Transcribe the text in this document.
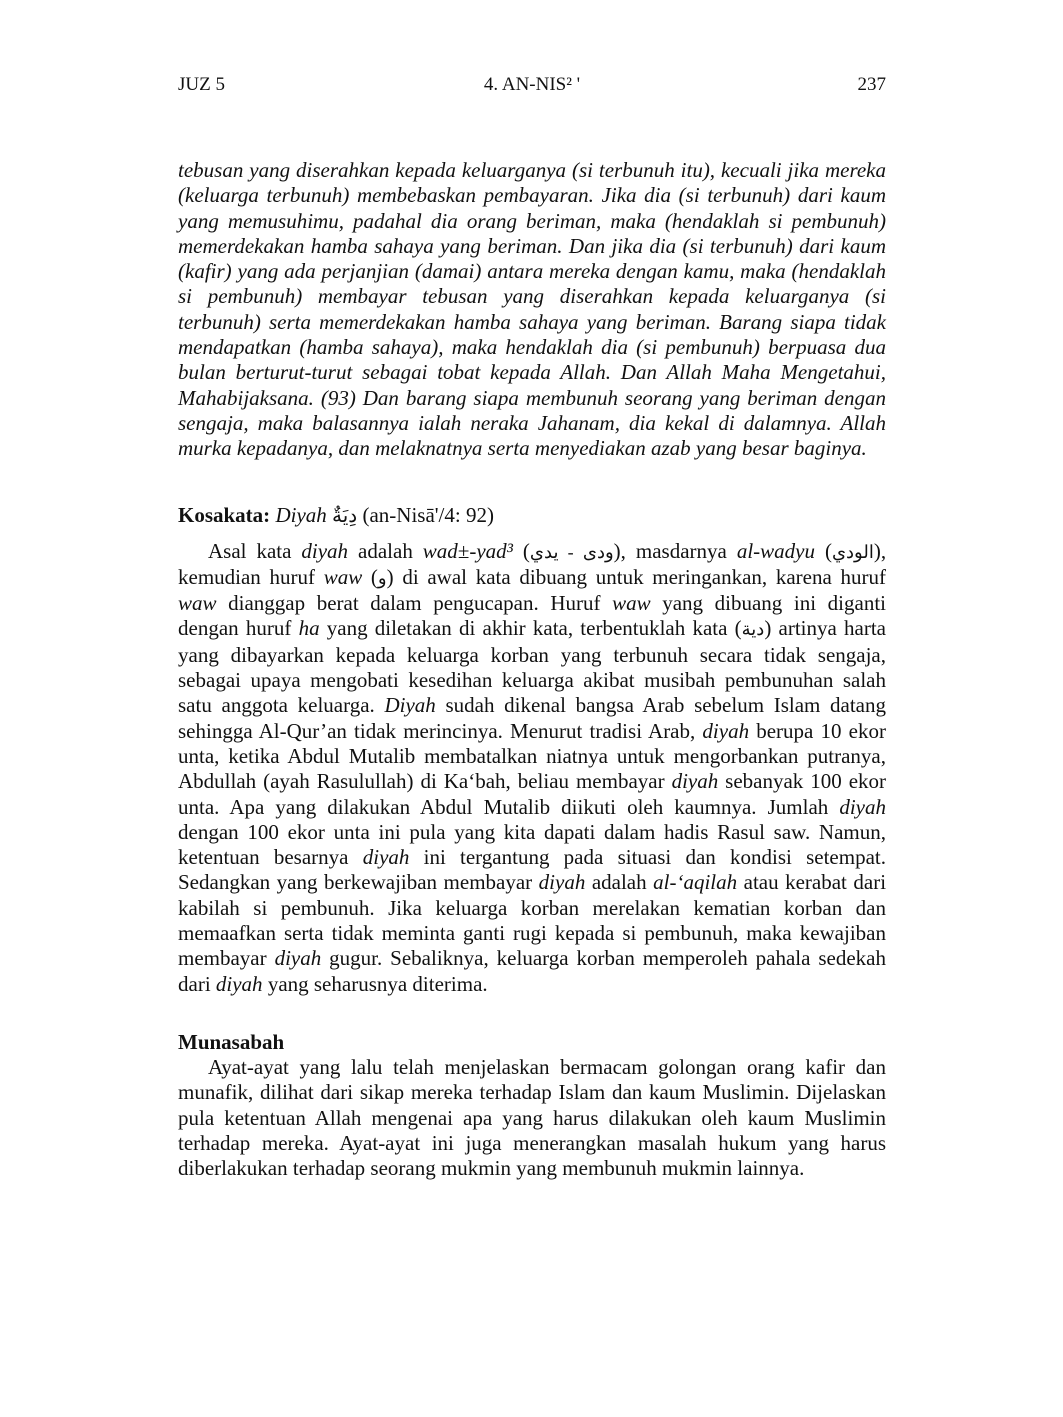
JUZ 5	4. AN-NIS² '	237

tebusan yang diserahkan kepada keluarganya (si terbunuh itu), kecuali jika mereka (keluarga terbunuh) membebaskan pembayaran. Jika dia (si terbunuh) dari kaum yang memusuhimu, padahal dia orang beriman, maka (hendaklah si pembunuh) memerdekakan hamba sahaya yang beriman. Dan jika dia (si terbunuh) dari kaum (kafir) yang ada perjanjian (damai) antara mereka dengan kamu, maka (hendaklah si pembunuh) membayar tebusan yang diserahkan kepada keluarganya (si terbunuh) serta memerdekakan hamba sahaya yang beriman. Barang siapa tidak mendapatkan (hamba sahaya), maka hendaklah dia (si pembunuh) berpuasa dua bulan berturut-turut sebagai tobat kepada Allah. Dan Allah Maha Mengetahui, Mahabijaksana. (93) Dan barang siapa membunuh seorang yang beriman dengan sengaja, maka balasannya ialah neraka Jahanam, dia kekal di dalamnya. Allah murka kepadanya, dan melaknatnya serta menyediakan azab yang besar baginya.

Kosakata: Diyah دِيَةٌ (an-Nisā'/4: 92)

Asal kata diyah adalah wad±-yad³ (ودى - يدي), masdarnya al-wadyu (الودي), kemudian huruf waw (و) di awal kata dibuang untuk meringankan, karena huruf waw dianggap berat dalam pengucapan. Huruf waw yang dibuang ini diganti dengan huruf ha yang diletakan di akhir kata, terbentuklah kata (دية) artinya harta yang dibayarkan kepada keluarga korban yang terbunuh secara tidak sengaja, sebagai upaya mengobati kesedihan keluarga akibat musibah pembunuhan salah satu anggota keluarga. Diyah sudah dikenal bangsa Arab sebelum Islam datang sehingga Al-Qur’an tidak merincinya. Menurut tradisi Arab, diyah berupa 10 ekor unta, ketika Abdul Mutalib membatalkan niatnya untuk mengorbankan putranya, Abdullah (ayah Rasulullah) di Ka‘bah, beliau membayar diyah sebanyak 100 ekor unta. Apa yang dilakukan Abdul Mutalib diikuti oleh kaumnya. Jumlah diyah dengan 100 ekor unta ini pula yang kita dapati dalam hadis Rasul saw. Namun, ketentuan besarnya diyah ini tergantung pada situasi dan kondisi setempat. Sedangkan yang berkewajiban membayar diyah adalah al-‘aqilah atau kerabat dari kabilah si pembunuh. Jika keluarga korban merelakan kematian korban dan memaafkan serta tidak meminta ganti rugi kepada si pembunuh, maka kewajiban membayar diyah gugur. Sebaliknya, keluarga korban memperoleh pahala sedekah dari diyah yang seharusnya diterima.

Munasabah

Ayat-ayat yang lalu telah menjelaskan bermacam golongan orang kafir dan munafik, dilihat dari sikap mereka terhadap Islam dan kaum Muslimin. Dijelaskan pula ketentuan Allah mengenai apa yang harus dilakukan oleh kaum Muslimin terhadap mereka. Ayat-ayat ini juga menerangkan masalah hukum yang harus diberlakukan terhadap seorang mukmin yang membunuh mukmin lainnya.
